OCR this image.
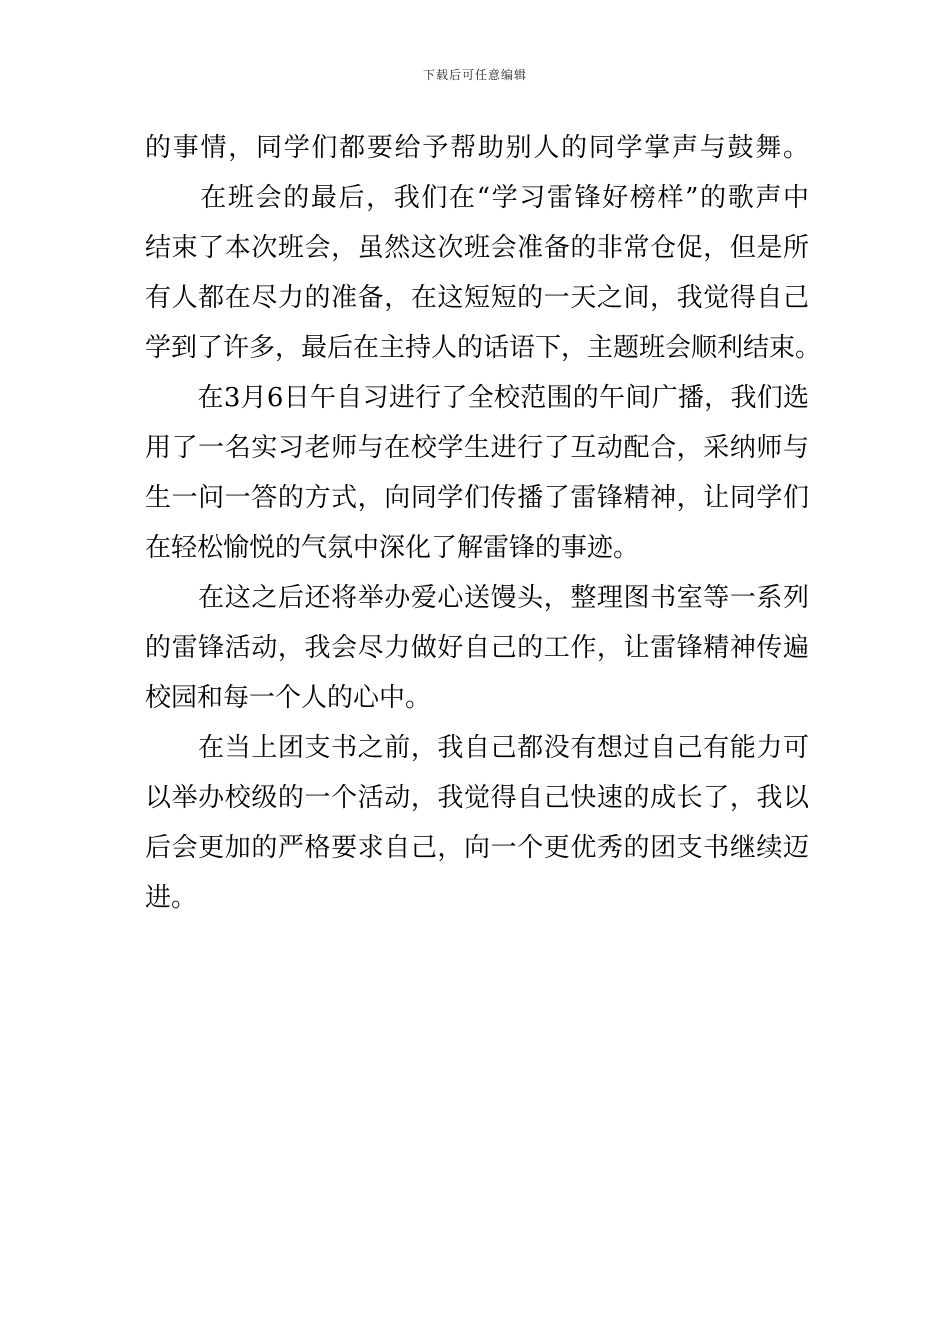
下载后可任意编辑
的事情，同学们都要给予帮助别人的同学掌声与鼓舞。
　　在班会的最后，我们在“学习雷锋好榜样”的歌声中
结束了本次班会，虽然这次班会准备的非常仓促，但是所
有人都在尽力的准备，在这短短的一天之间，我觉得自己
学到了许多，最后在主持人的话语下，主题班会顺利结束。
　　在3月6日午自习进行了全校范围的午间广播，我们选
用了一名实习老师与在校学生进行了互动配合，采纳师与
生一问一答的方式，向同学们传播了雷锋精神，让同学们
在轻松愉悦的气氛中深化了解雷锋的事迹。
　　在这之后还将举办爱心送馒头，整理图书室等一系列
的雷锋活动，我会尽力做好自己的工作，让雷锋精神传遍
校园和每一个人的心中。
　　在当上团支书之前，我自己都没有想过自己有能力可
以举办校级的一个活动，我觉得自己快速的成长了，我以
后会更加的严格要求自己，向一个更优秀的团支书继续迈
进。
